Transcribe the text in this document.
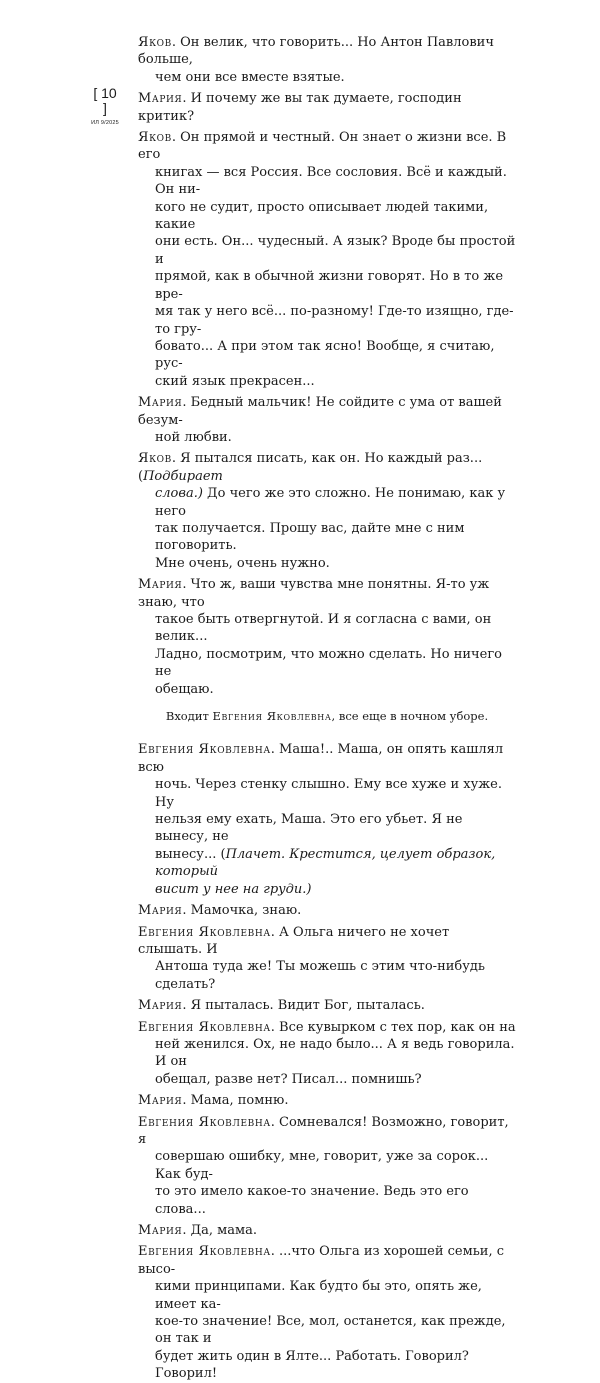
[ 10 ]
ИЛ 9/2025

Яков. Он велик, что говорить... Но Антон Павлович больше,

чем они все вместе взятые.

Мария. И почему же вы так думаете, господин критик?

Яков. Он прямой и честный. Он знает о жизни все. В его

книгах — вся Россия. Все сословия. Всё и каждый. Он ни-

кого не судит, просто описывает людей такими, какие

они есть. Он... чудесный. А язык? Вроде бы простой и

прямой, как в обычной жизни говорят. Но в то же вре-

мя так у него всё... по-разному! Где-то изящно, где-то гру-

бовато... А при этом так ясно! Вообще, я считаю, рус-

ский язык прекрасен...

Мария. Бедный мальчик! Не сойдите с ума от вашей безум-

ной любви.

Яков. Я пытался писать, как он. Но каждый раз... (Подбирает

слова.) До чего же это сложно. Не понимаю, как у него

так получается. Прошу вас, дайте мне с ним поговорить.

Мне очень, очень нужно.

Мария. Что ж, ваши чувства мне понятны. Я-то уж знаю, что

такое быть отвергнутой. И я согласна с вами, он велик...

Ладно, посмотрим, что можно сделать. Но ничего не

обещаю.

Входит Евгения Яковлевна, все еще в ночном уборе.

Евгения Яковлевна. Маша!.. Маша, он опять кашлял всю

ночь. Через стенку слышно. Ему все хуже и хуже. Ну

нельзя ему ехать, Маша. Это его убьет. Я не вынесу, не

вынесу... (Плачет. Крестится, целует образок, который

висит у нее на груди.)

Мария. Мамочка, знаю.

Евгения Яковлевна. А Ольга ничего не хочет слышать. И

Антоша туда же! Ты можешь с этим что-нибудь сделать?

Мария. Я пыталась. Видит Бог, пыталась.

Евгения Яковлевна. Все кувырком с тех пор, как он на

ней женился. Ох, не надо было... А я ведь говорила. И он

обещал, разве нет? Писал... помнишь?

Мария. Мама, помню.

Евгения Яковлевна. Сомневался! Возможно, говорит, я

совершаю ошибку, мне, говорит, уже за сорок... Как буд-

то это имело какое-то значение. Ведь это его слова...

Мария. Да, мама.

Евгения Яковлевна. ...что Ольга из хорошей семьи, с высо-

кими принципами. Как будто бы это, опять же, имеет ка-

кое-то значение! Все, мол, останется, как прежде, он так и

будет жить один в Ялте... Работать. Говорил? Говорил!
